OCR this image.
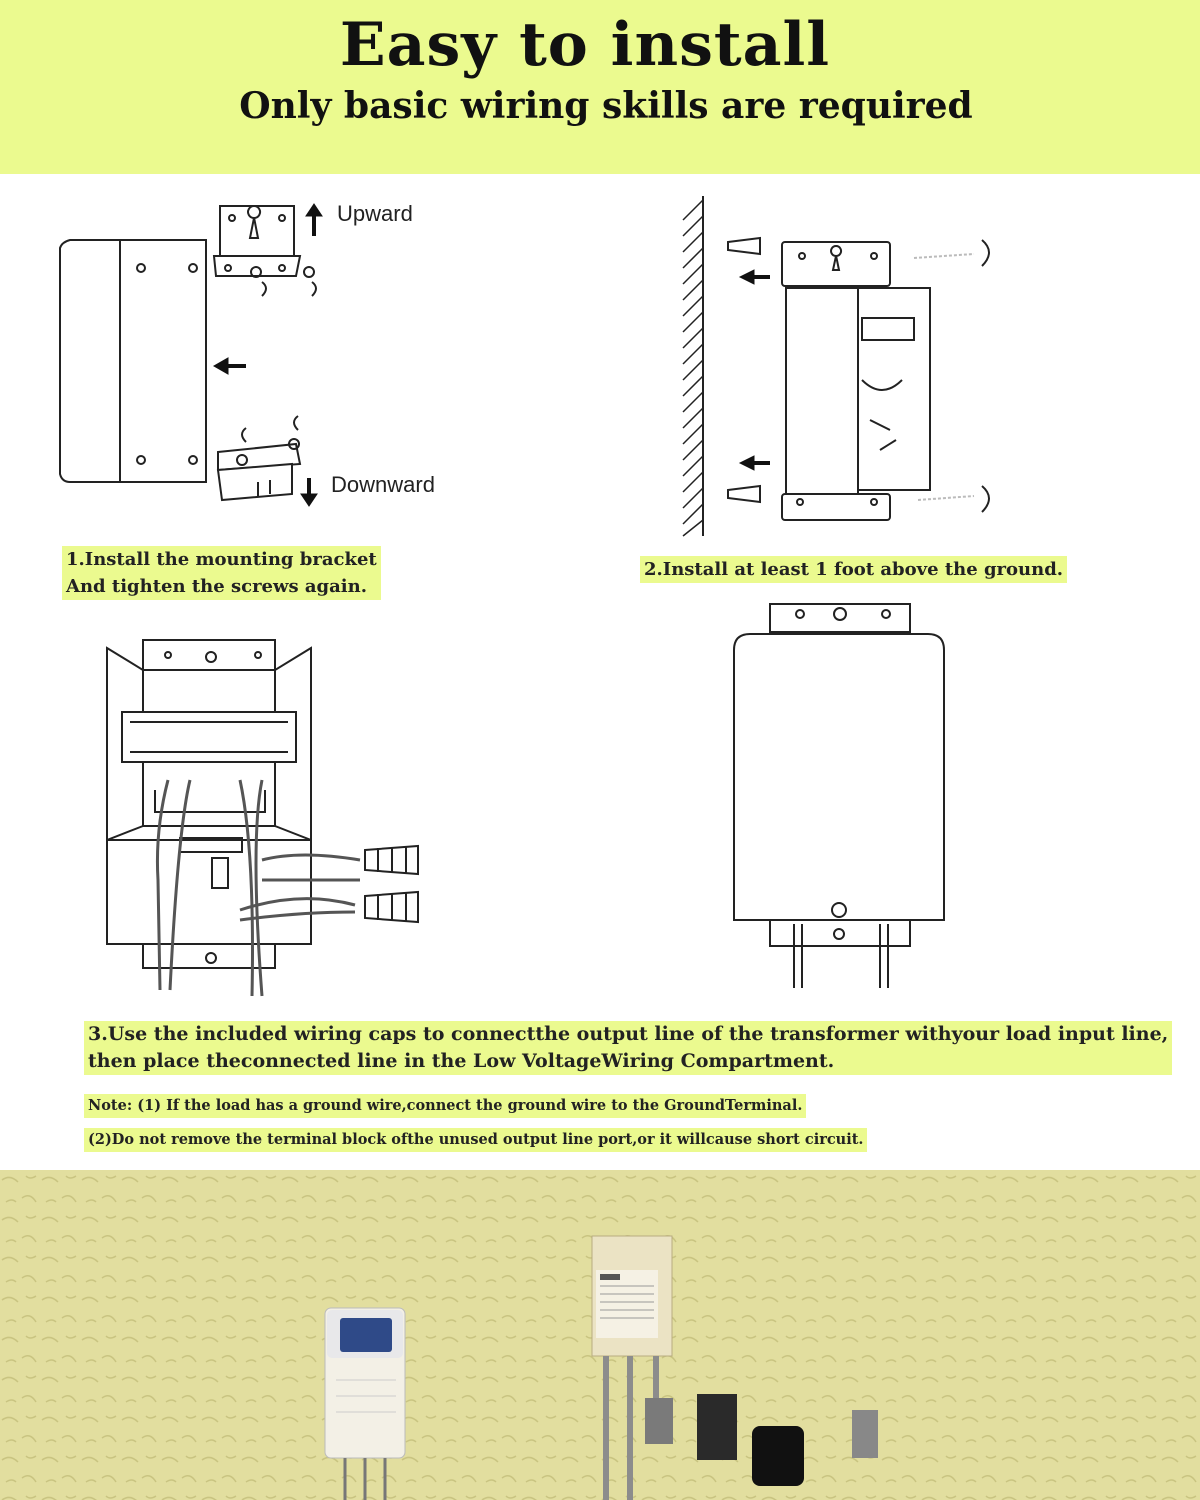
Easy to install
Only basic wiring skills are required
Upward
Downward
1.Install the mounting bracket
And tighten the screws again.
2.Install at least 1 foot above the ground.
3.Use the included wiring caps to connectthe output line of the transformer withyour load input line,
then place theconnected line in the Low VoltageWiring Compartment.
Note: (1) If the load has a ground wire,connect the ground wire to the GroundTerminal.
(2)Do not remove the terminal block ofthe unused output line port,or it willcause short circuit.
